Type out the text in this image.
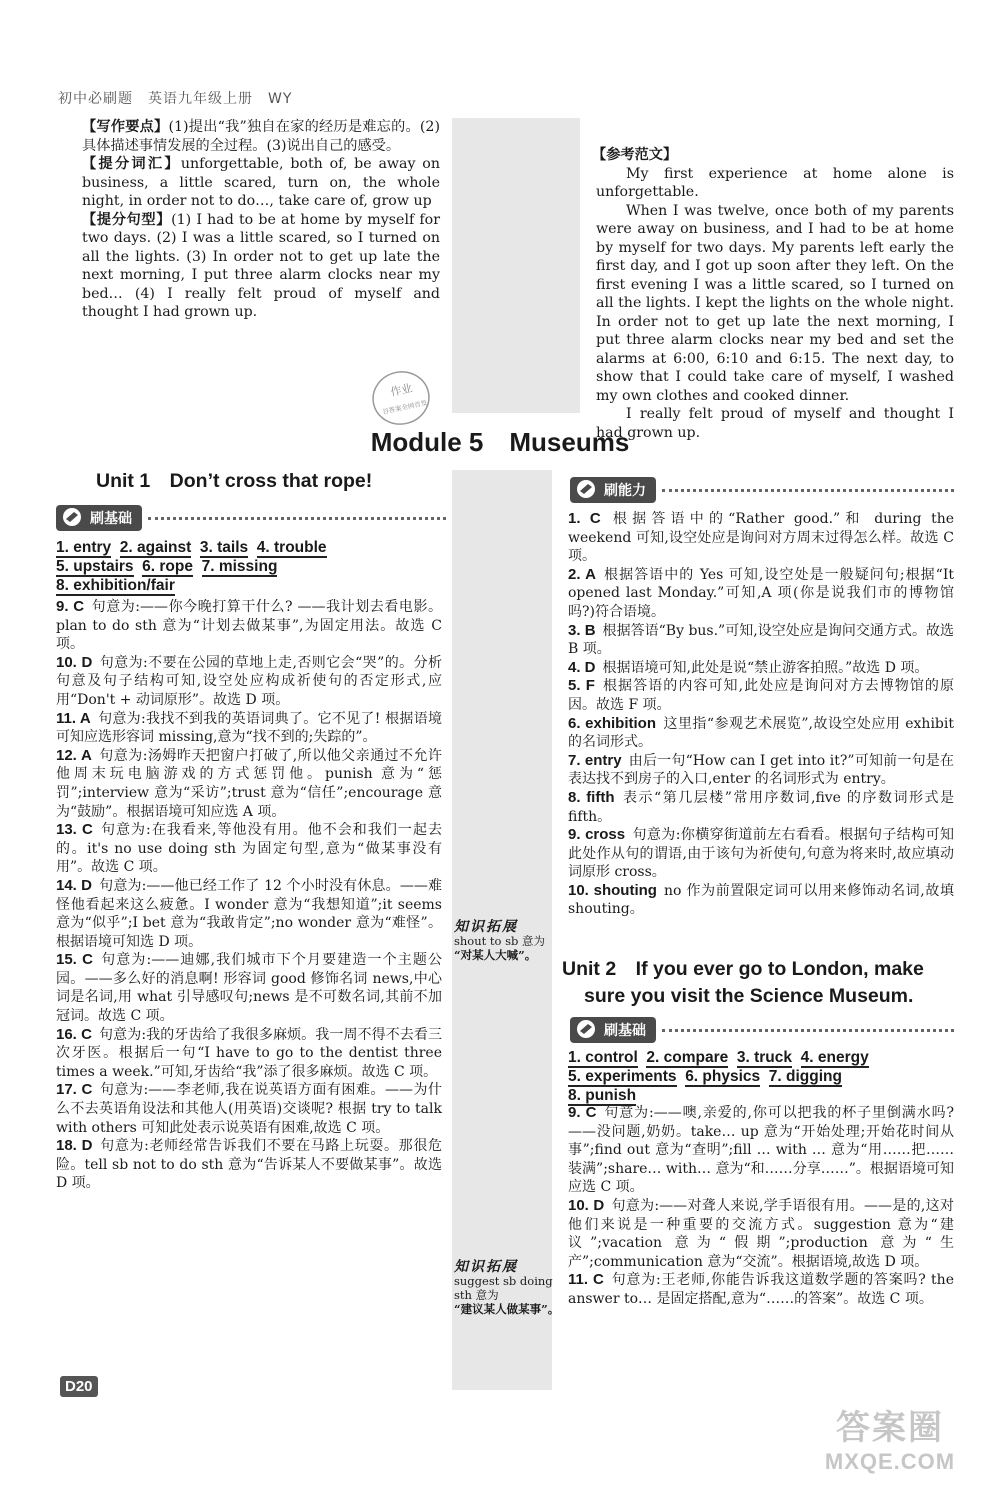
初中必刷题　英语九年级上册　WY
作业
谷答案全网首发

【写作要点】(1)提出“我”独自在家的经历是难忘的。(2)具体描述事情发展的全过程。(3)说出自己的感受。

【提分词汇】unforgettable, both of, be away on business, a little scared, turn on, the whole night, in order not to do…, take care of, grow up

【提分句型】(1) I had to be at home by myself for two days. (2) I was a little scared, so I turned on all the lights. (3) In order not to get up late the next morning, I put three alarm clocks near my bed… (4) I really felt proud of myself and thought I had grown up.

【参考范文】

My first experience at home alone is unforgettable.

When I was twelve, once both of my parents were away on business, and I had to be at home by myself for two days. My parents left early the first day, and I got up soon after they left. On the first evening I was a little scared, so I turned on all the lights. I kept the lights on the whole night. In order not to get up late the next morning, I put three alarm clocks near my bed and set the alarms at 6:00, 6:10 and 6:15. The next day, to show that I could take care of myself, I washed my own clothes and cooked dinner.

I really felt proud of myself and thought I had grown up.

Module 5　Museums
Unit 1　Don’t cross that rope!
刷基础
1. entry 2. against 3. tails 4. trouble
5. upstairs 6. rope 7. missing
8. exhibition/fair

9. C  句意为:——你今晚打算干什么? ——我计划去看电影。plan to do sth 意为“计划去做某事”,为固定用法。故选 C 项。

10. D  句意为:不要在公园的草地上走,否则它会“哭”的。分析句意及句子结构可知,设空处应构成祈使句的否定形式,应用“Don't + 动词原形”。故选 D 项。

11. A  句意为:我找不到我的英语词典了。它不见了! 根据语境可知应选形容词 missing,意为“找不到的;失踪的”。

12. A  句意为:汤姆昨天把窗户打破了,所以他父亲通过不允许他周末玩电脑游戏的方式惩罚他。punish 意为“惩罚”;interview 意为“采访”;trust 意为“信任”;encourage 意为“鼓励”。根据语境可知应选 A 项。

13. C  句意为:在我看来,等他没有用。他不会和我们一起去的。it's no use doing sth 为固定句型,意为“做某事没有用”。故选 C 项。

14. D  句意为:——他已经工作了 12 个小时没有休息。——难怪他看起来这么疲惫。I wonder 意为“我想知道”;it seems 意为“似乎”;I bet 意为“我敢肯定”;no wonder 意为“难怪”。根据语境可知选 D 项。

15. C  句意为:——迪娜,我们城市下个月要建造一个主题公园。——多么好的消息啊! 形容词 good 修饰名词 news,中心词是名词,用 what 引导感叹句;news 是不可数名词,其前不加冠词。故选 C 项。

16. C  句意为:我的牙齿给了我很多麻烦。我一周不得不去看三次牙医。根据后一句“I have to go to the dentist three times a week.”可知,牙齿给“我”添了很多麻烦。故选 C 项。

17. C  句意为:——李老师,我在说英语方面有困难。——为什么不去英语角设法和其他人(用英语)交谈呢? 根据 try to talk with others 可知此处表示说英语有困难,故选 C 项。

18. D  句意为:老师经常告诉我们不要在马路上玩耍。那很危险。tell sb not to do sth 意为“告诉某人不要做某事”。故选 D 项。

刷能力

1. C  根据答语中的“Rather good.”和 during the weekend 可知,设空处应是询问对方周末过得怎么样。故选 C 项。

2. A  根据答语中的 Yes 可知,设空处是一般疑问句;根据“It opened last Monday.”可知,A 项(你是说我们市的博物馆吗?)符合语境。

3. B  根据答语“By bus.”可知,设空处应是询问交通方式。故选 B 项。

4. D  根据语境可知,此处是说“禁止游客拍照。”故选 D 项。

5. F  根据答语的内容可知,此处应是询问对方去博物馆的原因。故选 F 项。

6. exhibition  这里指“参观艺术展览”,故设空处应用 exhibit 的名词形式。

7. entry  由后一句“How can I get into it?”可知前一句是在表达找不到房子的入口,enter 的名词形式为 entry。

8. fifth  表示“第几层楼”常用序数词,five 的序数词形式是 fifth。

9. cross  句意为:你横穿街道前左右看看。根据句子结构可知此处作从句的谓语,由于该句为祈使句,句意为将来时,故应填动词原形 cross。

10. shouting  no 作为前置限定词可以用来修饰动名词,故填 shouting。

知识拓展
shout to sb 意为
“对某人大喊”。
Unit 2　If you ever go to London, make
sure you visit the Science Museum.
刷基础
1. control 2. compare 3. truck 4. energy
5. experiments 6. physics 7. digging
8. punish

9. C  句意为:——噢,亲爱的,你可以把我的杯子里倒满水吗? ——没问题,奶奶。take… up 意为“开始处理;开始花时间从事”;find out 意为“查明”;fill … with … 意为“用……把……装满”;share… with… 意为“和……分享……”。根据语境可知应选 C 项。

10. D  句意为:——对聋人来说,学手语很有用。——是的,这对他们来说是一种重要的交流方式。suggestion 意为“建议”;vacation 意为“假期”;production 意为“生产”;communication 意为“交流”。根据语境,故选 D 项。

11. C  句意为:王老师,你能告诉我这道数学题的答案吗? the answer to… 是固定搭配,意为“……的答案”。故选 C 项。

知识拓展
suggest sb doing sth 意为
“建议某人做某事”。
D20
答案圈
MXQE.COM
